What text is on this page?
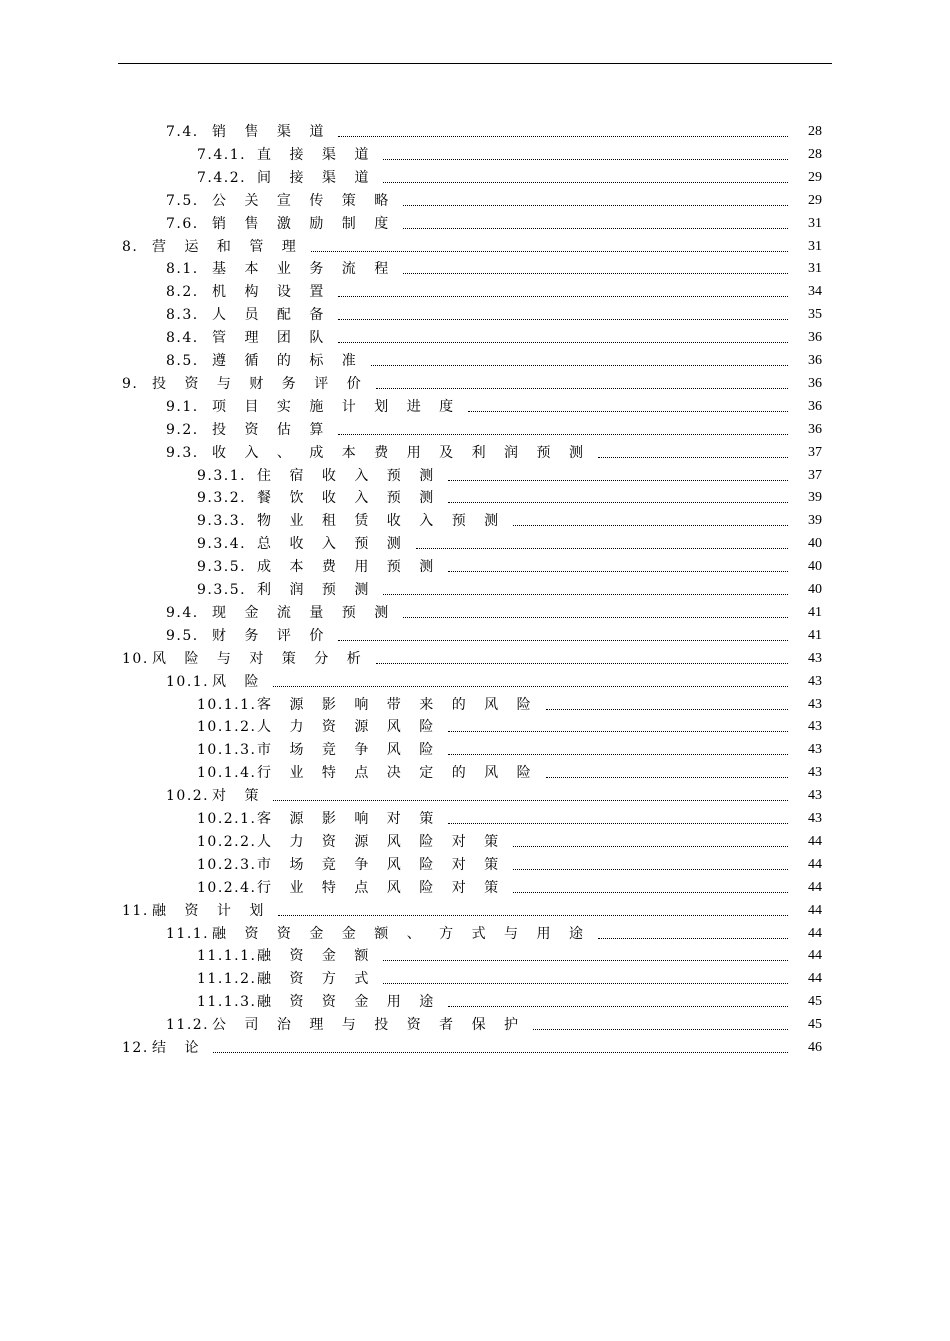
7.4. 销 售 渠 道	28
7.4.1. 直 接 渠 道	28
7.4.2. 间 接 渠 道	29
7.5. 公 关 宣 传 策 略	29
7.6. 销 售 激 励 制 度	31
8. 营 运 和 管 理	31
8.1. 基 本 业 务 流 程	31
8.2. 机 构 设 置	34
8.3. 人 员 配 备	35
8.4. 管 理 团 队	36
8.5. 遵 循 的 标 准	36
9. 投 资 与 财 务 评 价	36
9.1. 项 目 实 施 计 划 进 度	36
9.2. 投 资 估 算	36
9.3. 收 入 、 成 本 费 用 及 利 润 预 测	37
9.3.1. 住 宿 收 入 预 测	37
9.3.2. 餐 饮 收 入 预 测	39
9.3.3. 物 业 租 赁 收 入 预 测	39
9.3.4. 总 收 入 预 测	40
9.3.5. 成 本 费 用 预 测	40
9.3.5. 利 润 预 测	40
9.4. 现 金 流 量 预 测	41
9.5. 财 务 评 价	41
10. 风 险 与 对 策 分 析	43
10.1. 风 险	43
10.1.1.客 源 影 响 带 来 的 风 险	43
10.1.2.人 力 资 源 风 险	43
10.1.3.市 场 竞 争 风 险	43
10.1.4.行 业 特 点 决 定 的 风 险	43
10.2. 对 策	43
10.2.1.客 源 影 响 对 策	43
10.2.2.人 力 资 源 风 险 对 策	44
10.2.3.市 场 竞 争 风 险 对 策	44
10.2.4.行 业 特 点 风 险 对 策	44
11. 融 资 计 划	44
11.1. 融 资 资 金 金 额 、 方 式 与 用 途	44
11.1.1.融 资 金 额	44
11.1.2.融 资 方 式	44
11.1.3.融 资 资 金 用 途	45
11.2. 公 司 治 理 与 投 资 者 保 护	45
12. 结 论	46
